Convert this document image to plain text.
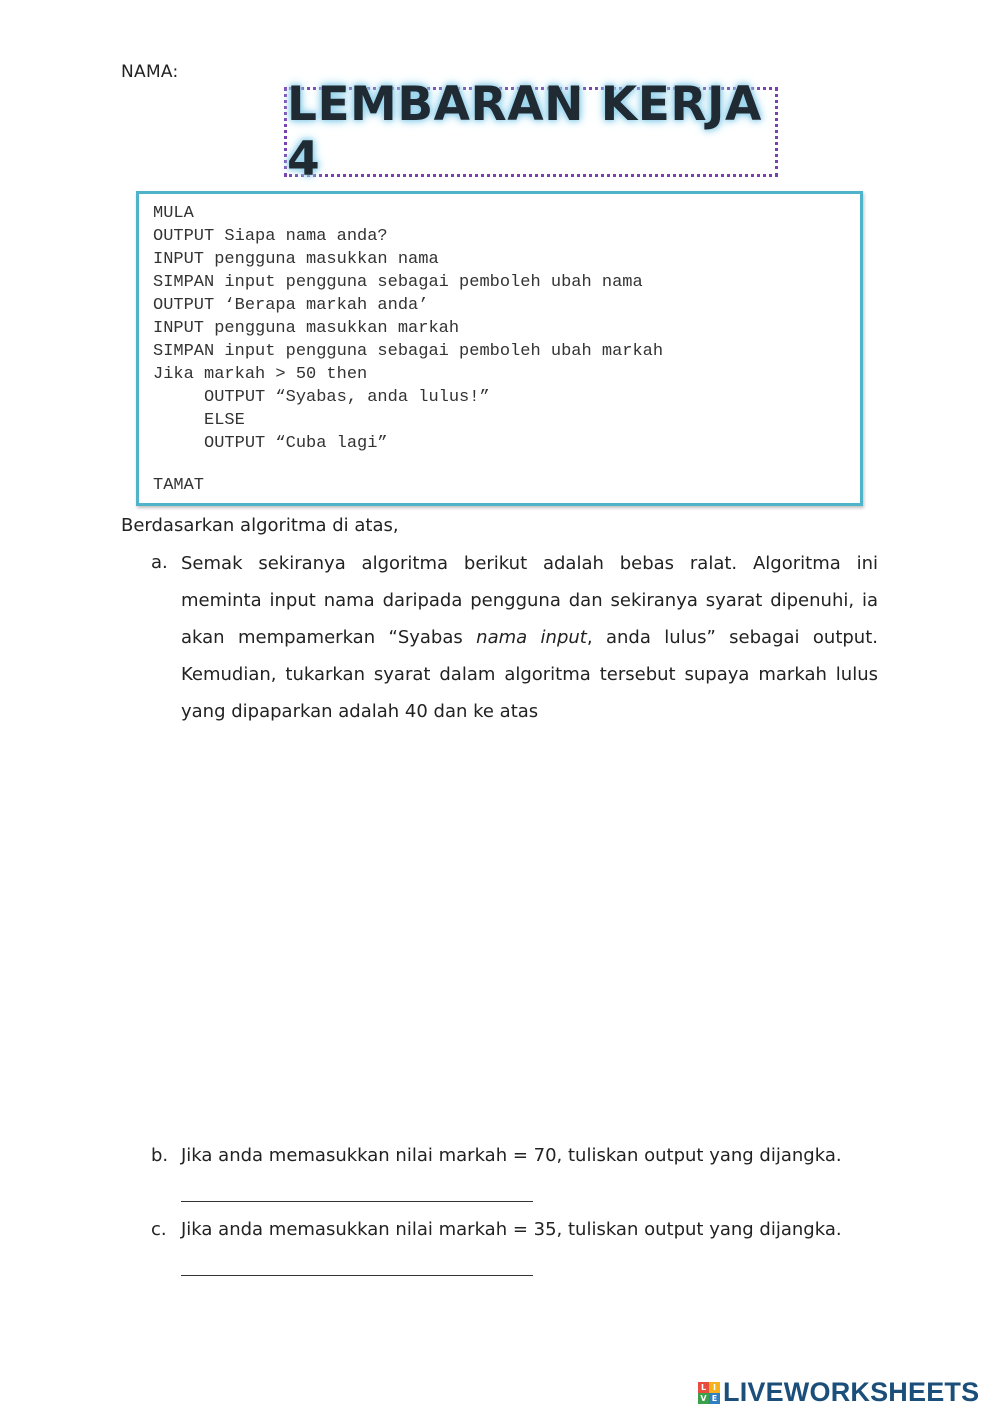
NAMA:
LEMBARAN KERJA 4
MULA
OUTPUT Siapa nama anda?
INPUT pengguna masukkan nama
SIMPAN input pengguna sebagai pemboleh ubah nama
OUTPUT ‘Berapa markah anda’
INPUT pengguna masukkan markah
SIMPAN input pengguna sebagai pemboleh ubah markah
Jika markah > 50 then
OUTPUT “Syabas, anda lulus!”
ELSE
OUTPUT “Cuba lagi”
TAMAT
Berdasarkan algoritma di atas,
a. Semak sekiranya algoritma berikut adalah bebas ralat. Algoritma ini meminta input nama daripada pengguna dan sekiranya syarat dipenuhi, ia akan mempamerkan “Syabas nama input, anda lulus” sebagai output. Kemudian, tukarkan syarat dalam algoritma tersebut supaya markah lulus yang dipaparkan adalah 40 dan ke atas
b. Jika anda memasukkan nilai markah = 70, tuliskan output yang dijangka.
c. Jika anda memasukkan nilai markah = 35, tuliskan output yang dijangka.
L I
V E LIVEWORKSHEETS
